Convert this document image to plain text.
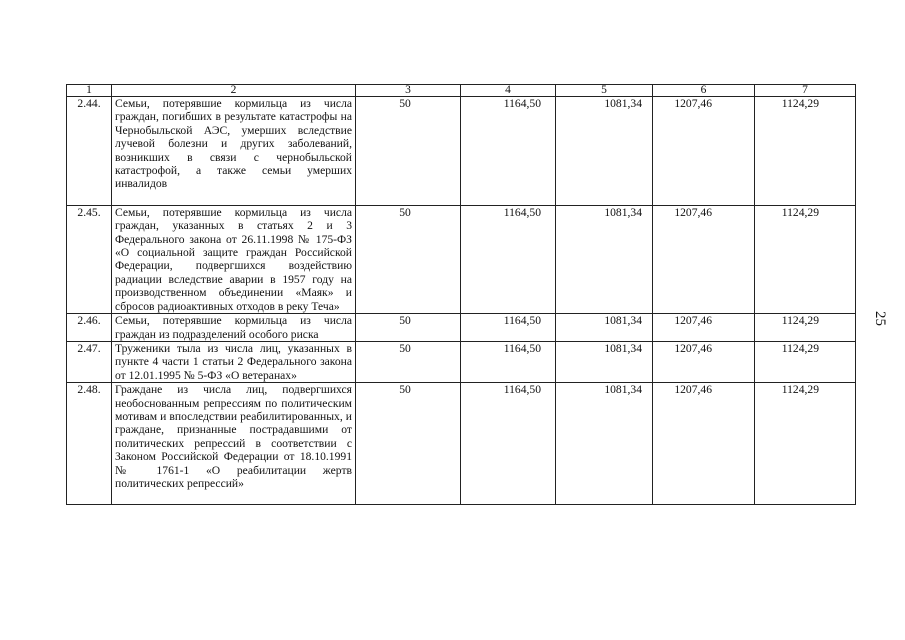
1	2	3	4	5	6	7
2.44.	Семьи, потерявшие кормильца из числа граждан, погибших в результате катастрофы на Чернобыльской АЭС, умерших вследствие лучевой болезни и других заболеваний, возникших в связи с чернобыльской катастрофой, а также семьи умерших инвалидов	50	1164,50	1081,34	1207,46	1124,29
2.45.	Семьи, потерявшие кормильца из числа граждан, указанных в статьях 2 и 3 Федерального закона от 26.11.1998 № 175-ФЗ «О социальной защите граждан Российской Федерации, подвергшихся воздействию радиации вследствие аварии в 1957 году на производственном объединении «Маяк» и сбросов радиоактивных отходов в реку Теча»	50	1164,50	1081,34	1207,46	1124,29
2.46.	Семьи, потерявшие кормильца из числа граждан из подразделений особого риска	50	1164,50	1081,34	1207,46	1124,29
2.47.	Труженики тыла из числа лиц, указанных в пункте 4 части 1 статьи 2 Федерального закона от 12.01.1995 № 5-ФЗ «О ветеранах»	50	1164,50	1081,34	1207,46	1124,29
2.48.	Граждане из числа лиц, подвергшихся необоснованным репрессиям по политическим мотивам и впоследствии реабилитированных, и граждане, признанные пострадавшими от политических репрессий в соответствии с Законом Российской Федерации от 18.10.1991 № 1761-1 «О реабилитации жертв политических репрессий»	50	1164,50	1081,34	1207,46	1124,29
25
